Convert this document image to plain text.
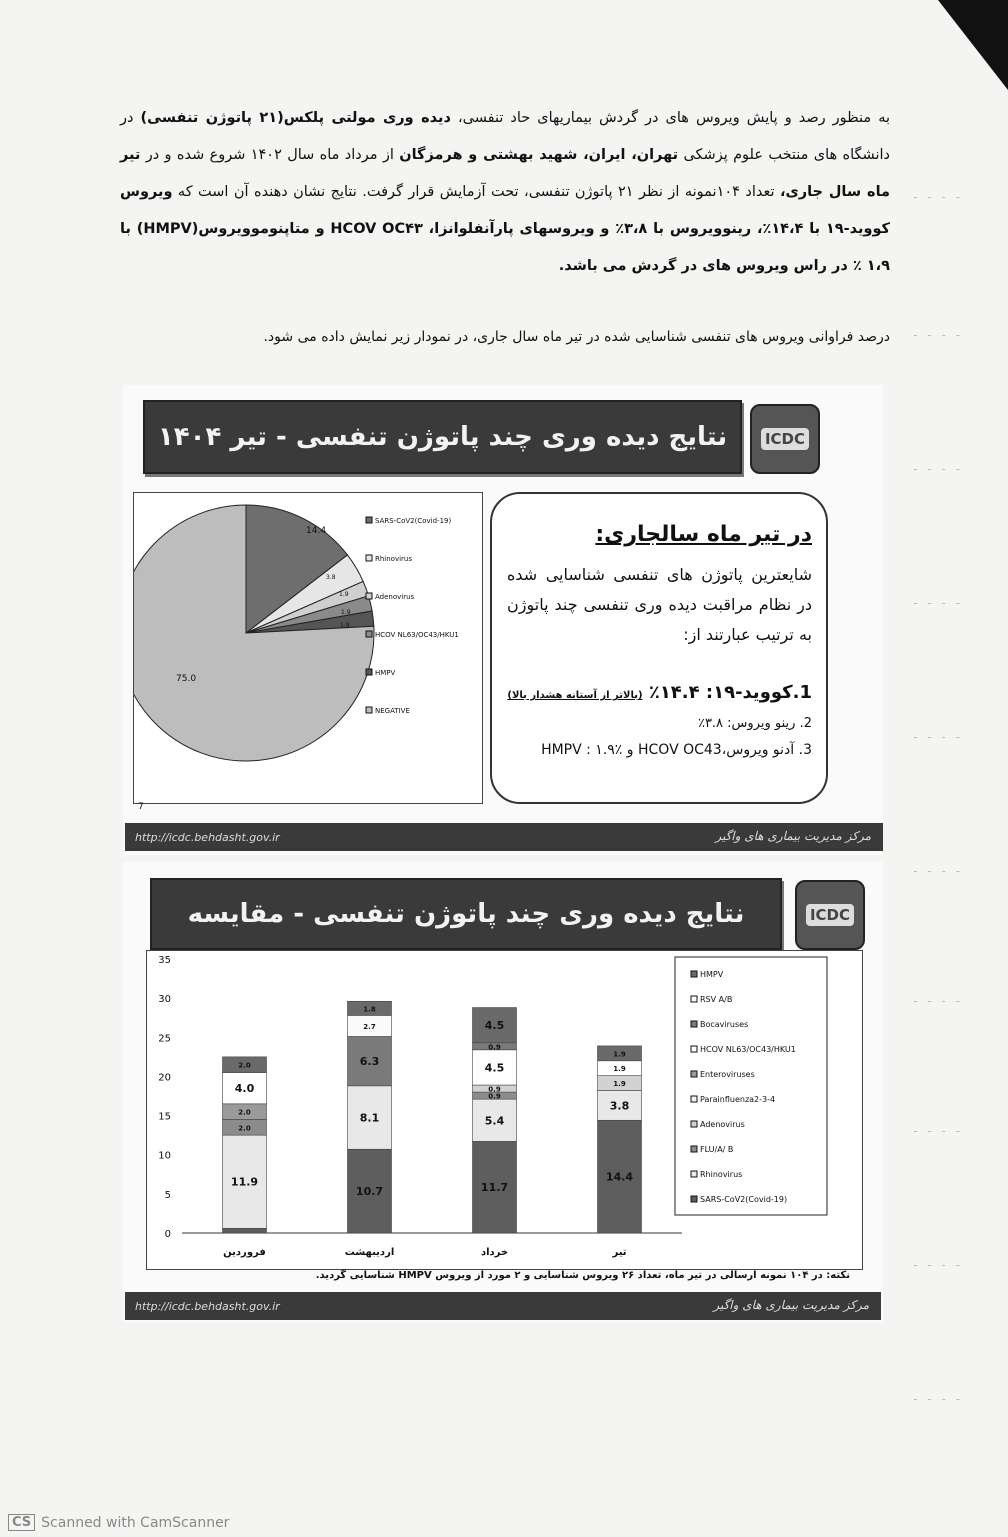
به منظور رصد و پایش ویروس های در گردش بیماریهای حاد تنفسی، دیده وری مولتی پلکس(۲۱ پاتوژن تنفسی) در دانشگاه های منتخب علوم پزشکی تهران، ایران، شهید بهشتی و هرمزگان از مرداد ماه سال ۱۴۰۲ شروع شده و در تیر ماه سال جاری، تعداد ۱۰۴نمونه از نظر ۲۱ پاتوژن تنفسی، تحت آزمایش قرار گرفت. نتایج نشان دهنده آن است که ویروس کووید-۱۹ با ۱۴،۴٪، رینوویروس با ۳،۸٪ و ویروسهای پارآنفلوانزا، HCOV OC۴۳ و متاپنوموویروس(HMPV) با ۱،۹ ٪ در راس ویروس های در گردش می باشد.
درصد فراوانی ویروس های تنفسی شناسایی شده در تیر ماه سال جاری، در نمودار زیر نمایش داده می شود.
نتایج دیده وری چند پاتوژن تنفسی - تیر ۱۴۰۴	ICDC
14.4
3.8
1.9
1.9
1.9
75.0
SARS-CoV2(Covid-19)
Rhinovirus
Adenovirus
HCOV NL63/OC43/HKU1
HMPV
NEGATIVE
7
در تیر ماه سالجاری:
شایعترین پاتوژن های تنفسی شناسایی شده در نظام مراقبت دیده وری تنفسی چند پاتوژن به ترتیب عبارتند از:
1.کووید-۱۹: ۱۴.۴٪ (بالاتر از آستانه هشدار بالا)
2. رینو ویروس: ۳.۸٪
3. آدنو ویروس،HCOV OC43 و HMPV : ۱.۹٪
http://icdc.behdasht.gov.ir	مرکز مدیریت بیماری های واگیر
نتایج دیده وری چند پاتوژن تنفسی - مقایسه	ICDC
0
5
10
15
20
25
30
35
11.9
2.0
2.0
4.0
2.0
فروردین
10.7
8.1
6.3
2.7
1.8
اردیبهشت
11.7
5.4
0.9
0.9
4.5
0.9
4.5
خرداد
14.4
3.8
1.9
1.9
1.9
تیر
HMPV
RSV A/B
Bocaviruses
HCOV NL63/OC43/HKU1
Enteroviruses
Parainfluenza2-3-4
Adenovirus
FLU/A/ B
Rhinovirus
SARS-CoV2(Covid-19)
نکته: در ۱۰۴ نمونه ارسالی در تیر ماه، تعداد ۲۶ ویروس شناسایی و ۲ مورد از ویروس HMPV شناسایی گردید.
http://icdc.behdasht.gov.ir	مرکز مدیریت بیماری های واگیر
- - - -
- - - -
- - - -
- - - -
- - - -
- - - -
- - - -
- - - -
- - - -
- - - -
CS Scanned with CamScanner
